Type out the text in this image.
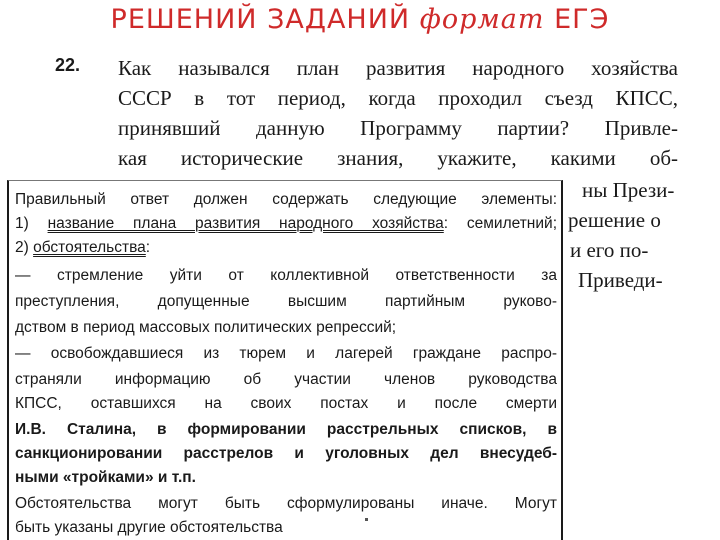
РЕШЕНИЙ ЗАДАНИЙ формат ЕГЭ
22. Как назывался план развития народного хозяйства
СССР в тот период, когда проходил съезд КПСС,
принявший данную Программу партии? Привле-
кая исторические знания, укажите, какими об-
ны Прези-
решение о
и его по-
Приведи-
Правильный ответ должен содержать следующие элементы:
1) название плана развития народного хозяйства: семилетний;
2) обстоятельства:
— стремление уйти от коллективной ответственности за
преступления, допущенные высшим партийным руково-
дством в период массовых политических репрессий;
— освобождавшиеся из тюрем и лагерей граждане распро-
страняли информацию об участии членов руководства
КПСС, оставшихся на своих постах и после смерти
И.В. Сталина, в формировании расстрельных списков, в
санкционировании расстрелов и уголовных дел внесудеб-
ными «тройками» и т.п.
Обстоятельства могут быть сформулированы иначе. Могут
быть указаны другие обстоятельства
